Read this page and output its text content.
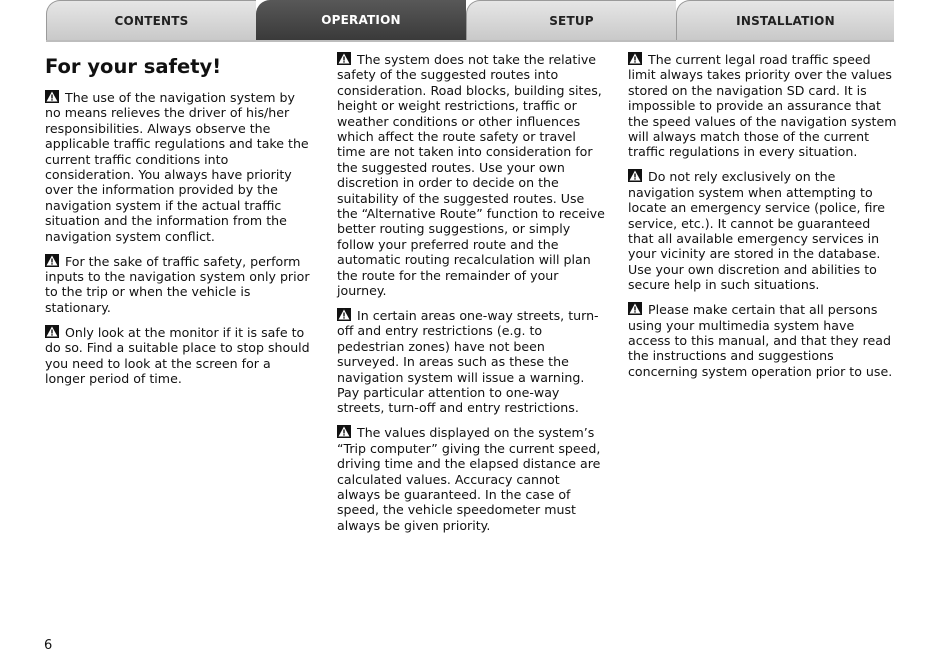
CONTENTS	OPERATION	SETUP	INSTALLATION
For your safety!

The use of the navigation system by no means relieves the driver of his/her responsibilities. Always observe the applicable traffic regulations and take the current traffic conditions into consideration. You always have priority over the information provided by the navigation system if the actual traffic situation and the information from the navigation system conflict.

For the sake of traffic safety, perform inputs to the navigation system only prior to the trip or when the vehicle is stationary.

Only look at the monitor if it is safe to do so. Find a suitable place to stop should you need to look at the screen for a longer period of time.

The system does not take the relative safety of the suggested routes into consideration. Road blocks, building sites, height or weight restrictions, traffic or weather conditions or other influences which affect the route safety or travel time are not taken into consideration for the suggested routes. Use your own discretion in order to decide on the suitability of the suggested routes. Use the “Alternative Route” function to receive better routing suggestions, or simply follow your preferred route and the automatic routing recalculation will plan the route for the remainder of your journey.

In certain areas one-way streets, turn-off and entry restrictions (e.g. to pedestrian zones) have not been surveyed. In areas such as these the navigation system will issue a warning. Pay particular attention to one-way streets, turn-off and entry restrictions.

The values displayed on the system’s “Trip computer” giving the current speed, driving time and the elapsed distance are calculated values. Accuracy cannot always be guaranteed. In the case of speed, the vehicle speedometer must always be given priority.

The current legal road traffic speed limit always takes priority over the values stored on the navigation SD card. It is impossible to provide an assurance that the speed values of the navigation system will always match those of the current traffic regulations in every situation.

Do not rely exclusively on the navigation system when attempting to locate an emergency service (police, fire service, etc.). It cannot be guaranteed that all available emergency services in your vicinity are stored in the database. Use your own discretion and abilities to secure help in such situations.

Please make certain that all persons using your multimedia system have access to this manual, and that they read the instructions and suggestions concerning system operation prior to use.

6
